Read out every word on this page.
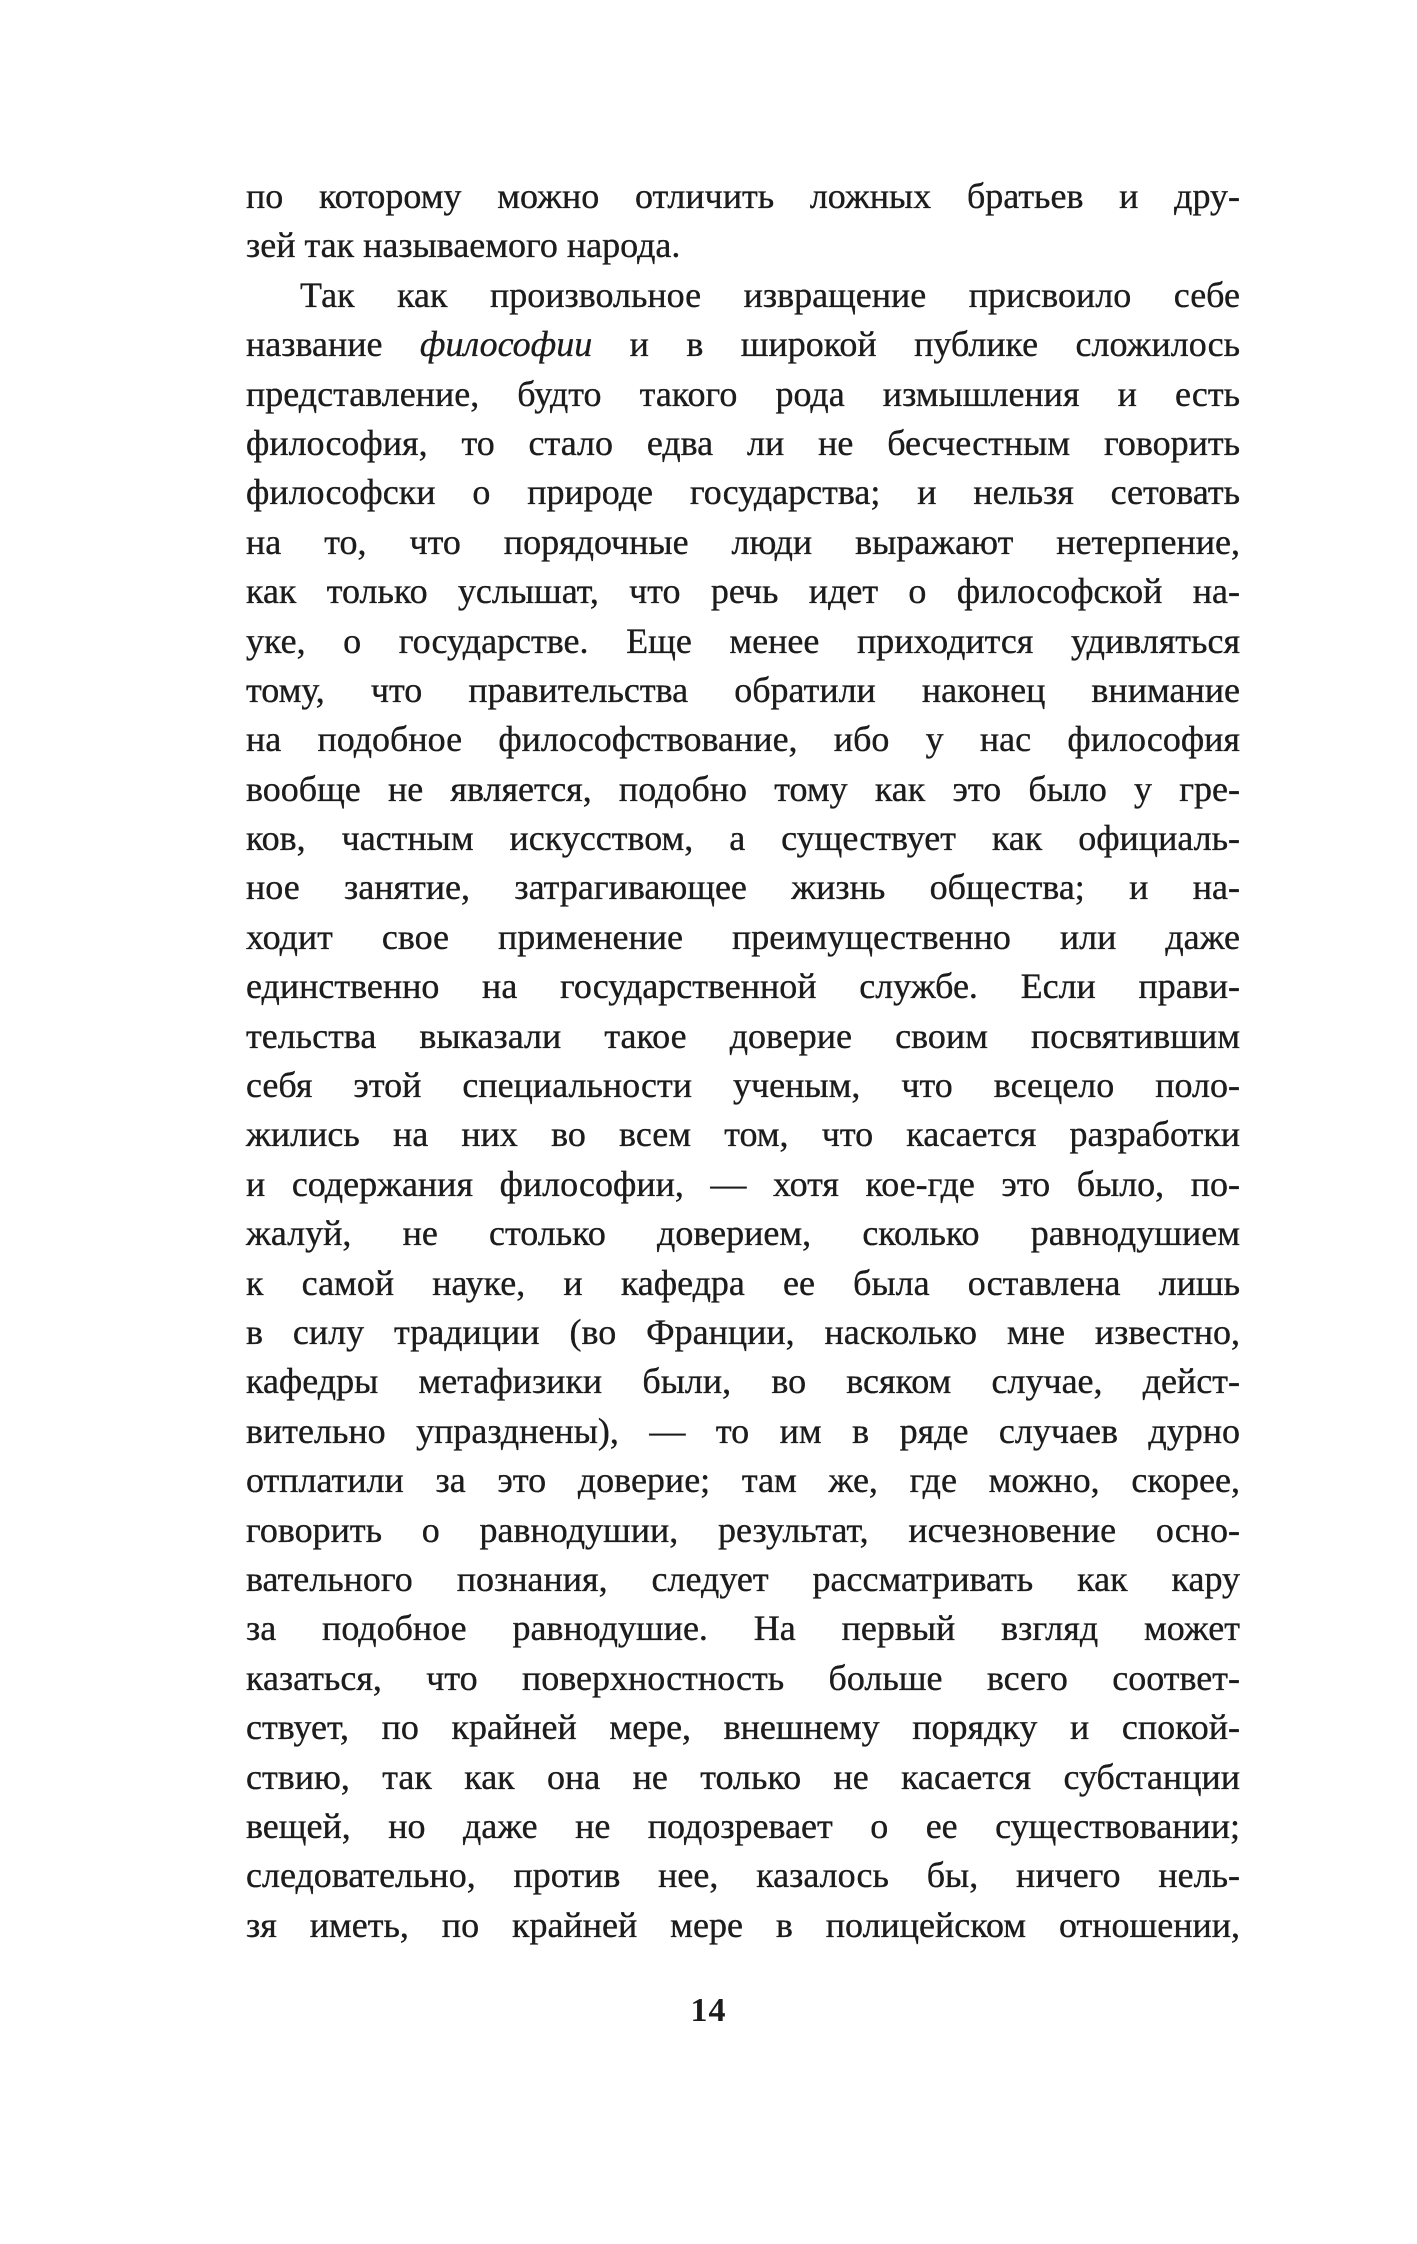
по которому можно отличить ложных братьев и дру-
зей так называемого народа.
Так как произвольное извращение присвоило себе
название философии и в широкой публике сложилось
представление, будто такого рода измышления и есть
философия, то стало едва ли не бесчестным говорить
философски о природе государства; и нельзя сетовать
на то, что порядочные люди выражают нетерпение,
как только услышат, что речь идет о философской на-
уке, о государстве. Еще менее приходится удивляться
тому, что правительства обратили наконец внимание
на подобное философствование, ибо у нас философия
вообще не является, подобно тому как это было у гре-
ков, частным искусством, а существует как официаль-
ное занятие, затрагивающее жизнь общества; и на-
ходит свое применение преимущественно или даже
единственно на государственной службе. Если прави-
тельства выказали такое доверие своим посвятившим
себя этой специальности ученым, что всецело поло-
жились на них во всем том, что касается разработки
и содержания философии, — хотя кое-где это было, по-
жалуй, не столько доверием, сколько равнодушием
к самой науке, и кафедра ее была оставлена лишь
в силу традиции (во Франции, насколько мне известно,
кафедры метафизики были, во всяком случае, дейст-
вительно упразднены), — то им в ряде случаев дурно
отплатили за это доверие; там же, где можно, скорее,
говорить о равнодушии, результат, исчезновение осно-
вательного познания, следует рассматривать как кару
за подобное равнодушие. На первый взгляд может
казаться, что поверхностность больше всего соответ-
ствует, по крайней мере, внешнему порядку и спокой-
ствию, так как она не только не касается субстанции
вещей, но даже не подозревает о ее существовании;
следовательно, против нее, казалось бы, ничего нель-
зя иметь, по крайней мере в полицейском отношении,
14
